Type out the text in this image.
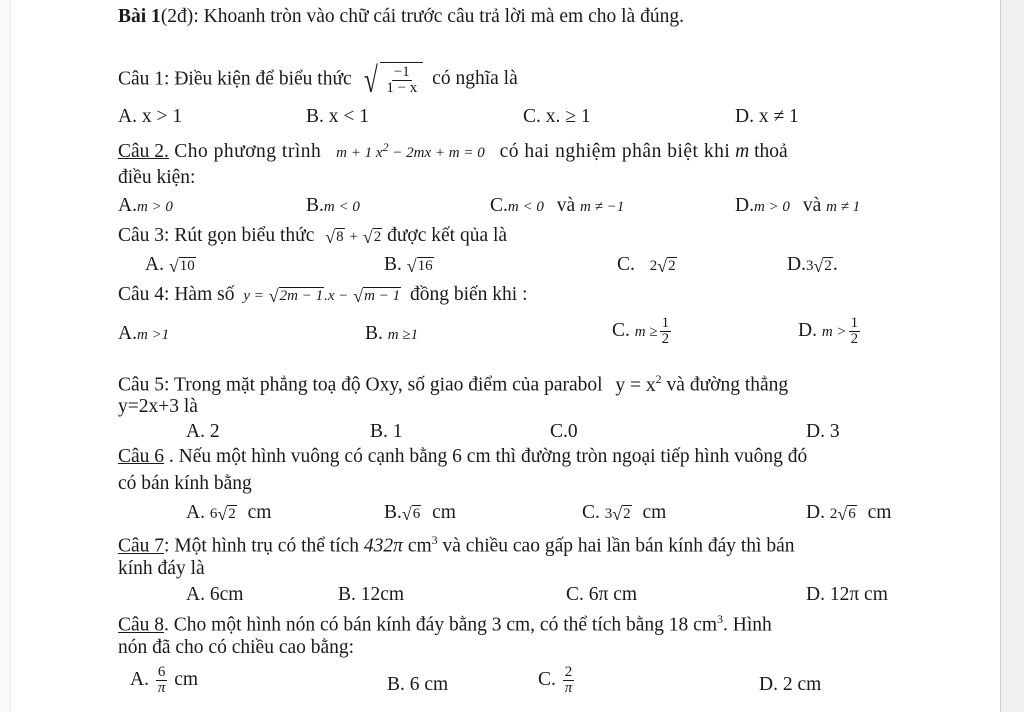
Bài 1(2đ): Khoanh tròn vào chữ cái trước câu trả lời mà em cho là đúng.
Câu 1: Điều kiện để biểu thức √ $\frac{-1}{1 - x}$ có nghĩa là
A. x > 1	B. x < 1	C. x. ≥ 1	D. x ≠ 1
Câu 2. Cho phương trình m + 1 $x^2 - 2mx + m = 0$ có hai nghiệm phân biệt khi m thoả
điều kiện:
A.m > 0	B.m < 0	C.m < 0 và m ≠ −1	D.m > 0 và m ≠ 1
Câu 3: Rút gọn biểu thức √ 8 + √ 2 được kết qủa là
A. √ 10	B. √ 16	C. 2 √ 2	D.3 √ 2 .
Câu 4: Hàm số y = √ 2m − 1 .x − √ m − 1 đồng biến khi :
A.m >1	B. m ≥1	C. $m \ge \frac{1}{2}$	D. $m > \frac{1}{2}$
Câu 5: Trong mặt phẳng toạ độ Oxy, số giao điểm của parabol $y = x^2$ và đường thẳng
y=2x+3 là
A. 2	B. 1	C.0	D. 3
Câu 6 . Nếu một hình vuông có cạnh bằng 6 cm thì đường tròn ngoại tiếp hình vuông đó
có bán kính bằng
A. 6 √ 2 cm	B. √ 6 cm	C. 3 √ 2 cm	D. 2 √ 6 cm
Câu 7: Một hình trụ có thể tích 432π $cm^3$ và chiều cao gấp hai lần bán kính đáy thì bán
kính đáy là
A. 6cm	B. 12cm	C. 6π cm	D. 12π cm
Câu 8. Cho một hình nón có bán kính đáy bằng 3 cm, có thể tích bằng 18 $cm^3$. Hình
nón đã cho có chiều cao bằng:
A. $\frac{6}{\pi}$ cm	B. 6 cm	C. $\frac{2}{\pi}$	D. 2 cm
